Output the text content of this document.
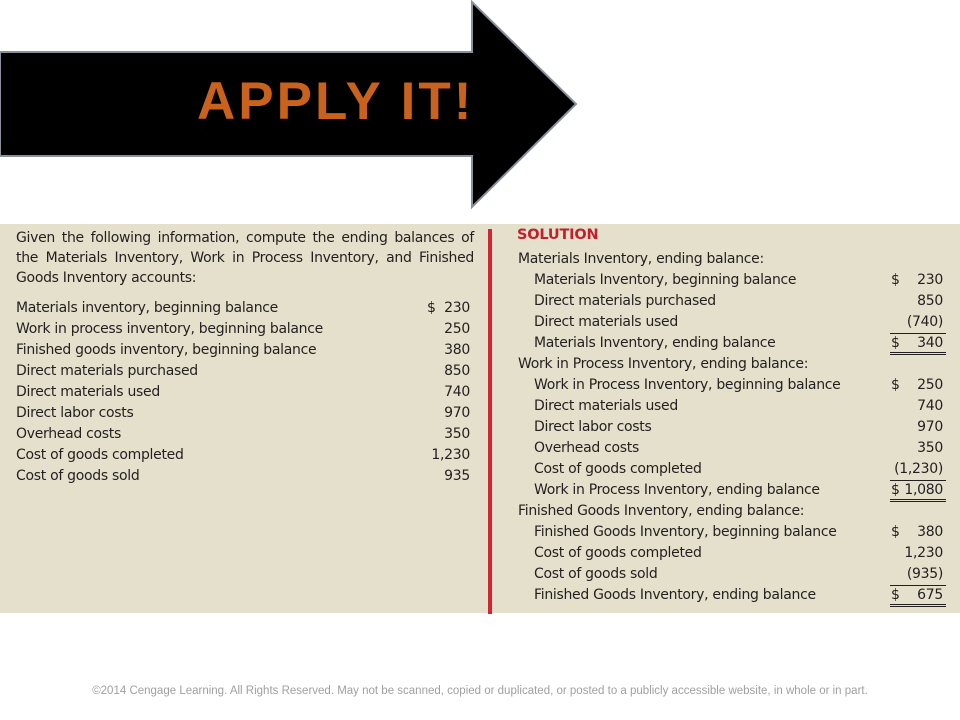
APPLY IT!
Given the following information, compute the ending balances of the Materials Inventory, Work in Process Inventory, and Finished Goods Inventory accounts:
Materials inventory, beginning balance	$ 230
Work in process inventory, beginning balance	250
Finished goods inventory, beginning balance	380
Direct materials purchased	850
Direct materials used	740
Direct labor costs	970
Overhead costs	350
Cost of goods completed	1,230
Cost of goods sold	935
SOLUTION
Materials Inventory, ending balance:
Materials Inventory, beginning balance	$ 230
Direct materials purchased	850
Direct materials used	(740)
Materials Inventory, ending balance	$ 340
Work in Process Inventory, ending balance:
Work in Process Inventory, beginning balance	$ 250
Direct materials used	740
Direct labor costs	970
Overhead costs	350
Cost of goods completed	(1,230)
Work in Process Inventory, ending balance	$ 1,080
Finished Goods Inventory, ending balance:
Finished Goods Inventory, beginning balance	$ 380
Cost of goods completed	1,230
Cost of goods sold	(935)
Finished Goods Inventory, ending balance	$ 675
©2014 Cengage Learning. All Rights Reserved. May not be scanned, copied or duplicated, or posted to a publicly accessible website, in whole or in part.
